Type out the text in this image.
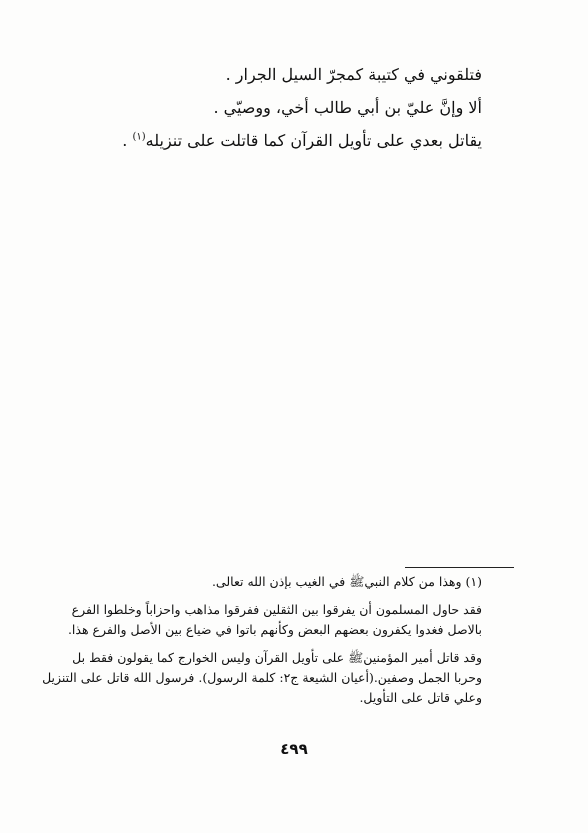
فتلقوني في كتيبة كمجرّ السيل الجرار .
ألا وإنَّ عليّ بن أبي طالب أخي، ووصيّي .
يقاتل بعدي على تأويل القرآن كما قاتلت على تنزيله$^{(١)}$ .
(١) وهذا من كلام النبيﷺ في الغيب بإذن الله تعالى.
فقد حاول المسلمون أن يفرقوا بين الثقلين ففرقوا مذاهب واحزاباً وخلطوا الفرع
بالاصل فغدوا يكفرون بعضهم البعض وكأنهم باتوا في ضياع بين الأصل والفرع هذا.
وقد قاتل أمير المؤمنينﷺ على تأويل القرآن وليس الخوارج كما يقولون فقط بل
وحربا الجمل وصفين.(أعيان الشيعة ج٢: كلمة الرسول). فرسول الله قاتل على التنزيل
وعلي قاتل على التأويل.
٤٩٩
